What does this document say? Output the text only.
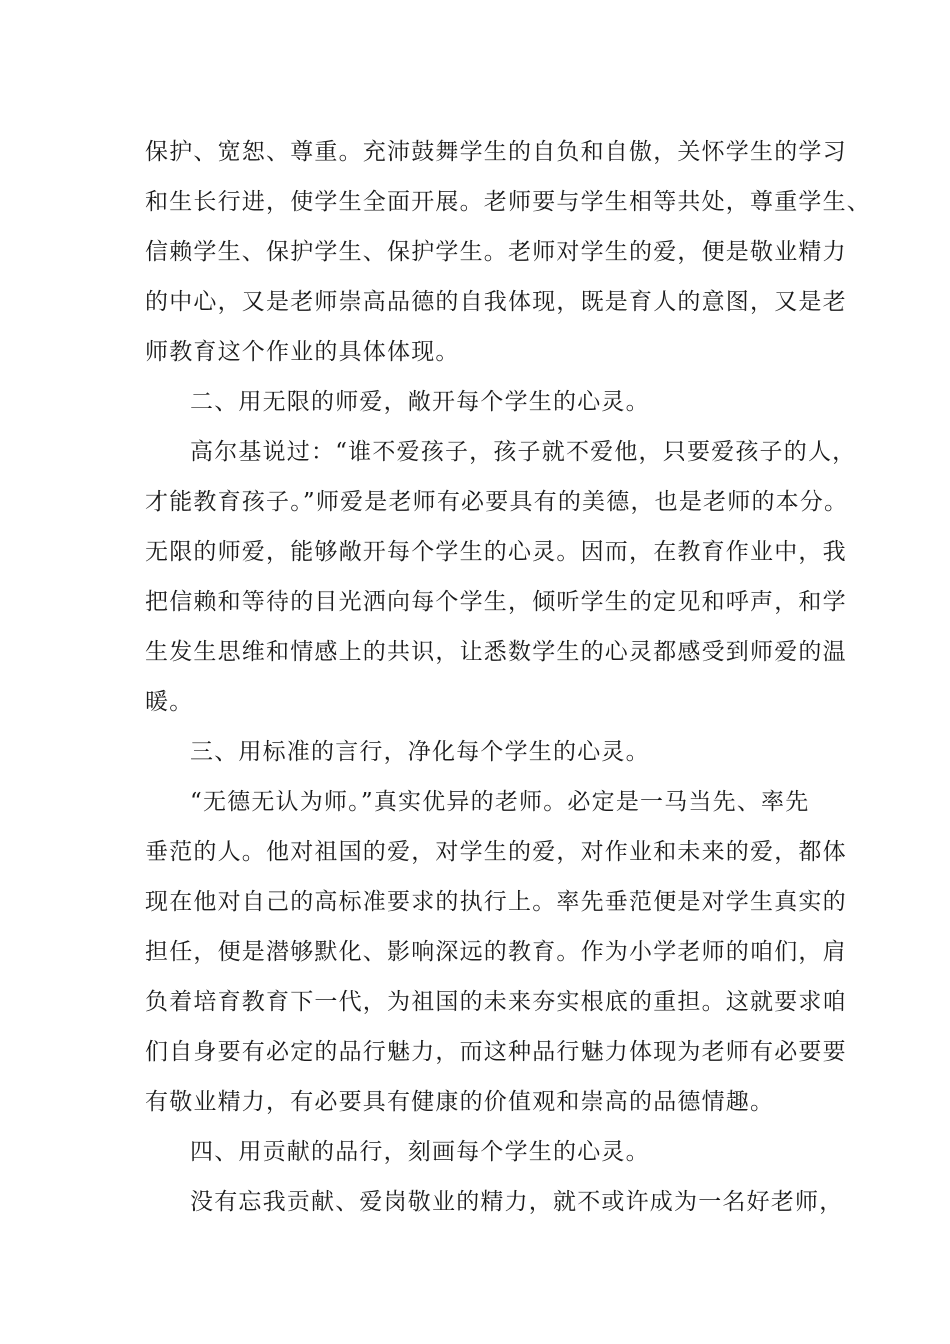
保护、宽恕、尊重。充沛鼓舞学生的自负和自傲，关怀学生的学习
和生长行进，使学生全面开展。老师要与学生相等共处，尊重学生、
信赖学生、保护学生、保护学生。老师对学生的爱，便是敬业精力
的中心，又是老师崇高品德的自我体现，既是育人的意图，又是老
师教育这个作业的具体体现。
二、用无限的师爱，敞开每个学生的心灵。
高尔基说过：“谁不爱孩子，孩子就不爱他，只要爱孩子的人，
才能教育孩子。”师爱是老师有必要具有的美德，也是老师的本分。
无限的师爱，能够敞开每个学生的心灵。因而，在教育作业中，我
把信赖和等待的目光洒向每个学生，倾听学生的定见和呼声，和学
生发生思维和情感上的共识，让悉数学生的心灵都感受到师爱的温
暖。
三、用标准的言行，净化每个学生的心灵。
“无德无认为师。”真实优异的老师。必定是一马当先、率先
垂范的人。他对祖国的爱，对学生的爱，对作业和未来的爱，都体
现在他对自己的高标准要求的执行上。率先垂范便是对学生真实的
担任，便是潜够默化、影响深远的教育。作为小学老师的咱们，肩
负着培育教育下一代，为祖国的未来夯实根底的重担。这就要求咱
们自身要有必定的品行魅力，而这种品行魅力体现为老师有必要要
有敬业精力，有必要具有健康的价值观和崇高的品德情趣。
四、用贡献的品行，刻画每个学生的心灵。
没有忘我贡献、爱岗敬业的精力，就不或许成为一名好老师，
